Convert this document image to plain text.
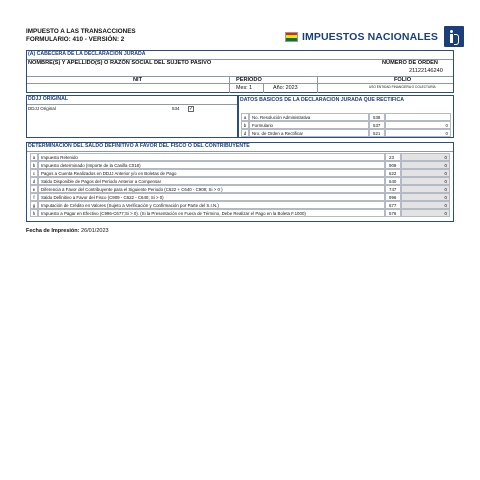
IMPUESTO A LAS TRANSACCIONES
FORMULARIO: 410 - VERSIÓN: 2	IMPUESTOS NACIONALES
(A) CABECERA DE LA DECLARACION JURADA
NOMBRE(S) Y APELLIDO(S) O RAZÓN SOCIAL DEL SUJETO PASIVO	NÚMERO DE ORDEN
21122146240
NIT	PERIODO	FOLIO
Mes: 1	Año: 2023	USO ENTIDAD FINANCIERA O COLECTURÍA
DDJJ ORIGINAL
DDJJ Original	534 ✓
DATOS BASICOS DE LA DECLARACION JURADA QUE RECTIFICA
a	No. Resolución Administrativa	538
b	Formulario	537	0
d	Nro. de Orden a Rectificar	521	0
DETERMINACION DEL SALDO DEFINITIVO A FAVOR DEL FISCO O DEL CONTRIBUYENTE
a	Impuesto Retenido	23	0
b	Impuesto determinado (Importe de la Casilla C018)	909	0
c	Pagos a Cuenta Realizados en DDJJ Anterior y/o en Boletas de Pago	622	0
d	Saldo Disponible de Pagos del Periodo Anterior a Compensar	640	0
e	Diferencia a Favor del Contribuyente para el Siguiente Periodo (C622 + C640 - C909; Si > 0 )	747	0
f	Saldo Definitivo a Favor del Fisco (C909 - C622 - C640; Si > 0)	996	0
g	Imputación de Crédito en Valores (Sujeto a Verificación y Confirmación por Parte del S.I.N.)	677	0
h	Impuesto a Pagar en Efectivo (C996-C677;Si > 0). (Si la Presentación en Fuera de Término, Debe Realizar el Pago en la Boleta F.1000)	576	0
Fecha de Impresión: 26/01/2023
